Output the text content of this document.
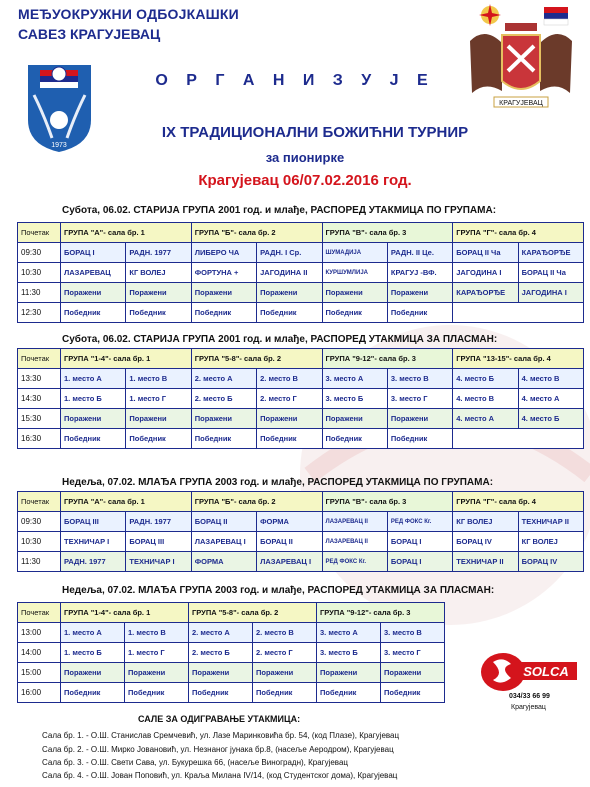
МЕЂУОКРУЖНИ ОДБОЈКАШКИ
САВЕЗ КРАГУЈЕВАЦ
1973
КРАГУЈЕВАЦ
О Р Г А Н И З У Ј Е
IX ТРАДИЦИОНАЛНИ БОЖИЋНИ ТУРНИР
за пионирке
Крагујевац 06/07.02.2016 год.
Субота, 06.02. СТАРИЈА ГРУПА 2001 год. и млађе, РАСПОРЕД УТАКМИЦА ПО ГРУПАМА:
Почетак	ГРУПА "А"- сала бр. 1		ГРУПА "Б"- сала бр. 2		ГРУПА "В"- сала бр. 3		ГРУПА "Г"- сала бр. 4	
09:30	БОРАЦ І	РАДН. 1977	ЛИБЕРО ЧА	РАДН. І Ср.	ШУМАДИЈА	РАДН. ІІ Це.	БОРАЦ ІІ Ча	КАРАЂОРЂЕ
10:30	ЛАЗАРЕВАЦ	КГ ВОЛЕЈ	ФОРТУНА +	ЈАГОДИНА ІІ	КУРШУМЛИЈА	КРАГУЈ -ВФ.	ЈАГОДИНА І	БОРАЦ ІІ Ча
11:30	Поражени	Поражени	Поражени	Поражени	Поражени	Поражени	КАРАЂОРЂЕ	ЈАГОДИНА І
12:30	Победник	Победник	Победник	Победник	Победник	Победник		
Субота, 06.02. СТАРИЈА ГРУПА 2001 год. и млађе, РАСПОРЕД УТАКМИЦА ЗА ПЛАСМАН:
Почетак	ГРУПА "1-4"- сала бр. 1		ГРУПА "5-8"- сала бр. 2		ГРУПА "9-12"- сала бр. 3		ГРУПА "13-15"- сала бр. 4	
13:30	1. место А	1. место В	2. место А	2. место В	3. место А	3. место В	4. место Б	4. место В
14:30	1. место Б	1. место Г	2. место Б	2. место Г	3. место Б	3. место Г	4. место В	4. место А
15:30	Поражени	Поражени	Поражени	Поражени	Поражени	Поражени	4. место А	4. место Б
16:30	Победник	Победник	Победник	Победник	Победник	Победник		
Недеља, 07.02. МЛАЂА ГРУПА 2003 год. и млађе, РАСПОРЕД УТАКМИЦА ПО ГРУПАМА:
Почетак	ГРУПА "А"- сала бр. 1		ГРУПА "Б"- сала бр. 2		ГРУПА "В"- сала бр. 3		ГРУПА "Г"- сала бр. 4	
09:30	БОРАЦ ІІІ	РАДН. 1977	БОРАЦ ІІ	ФОРМА	ЛАЗАРЕВАЦ ІІ	РЕД ФОКС Кг.	КГ ВОЛЕЈ	ТЕХНИЧАР ІІ
10:30	ТЕХНИЧАР І	БОРАЦ ІІІ	ЛАЗАРЕВАЦ І	БОРАЦ ІІ	ЛАЗАРЕВАЦ ІІ	БОРАЦ І	БОРАЦ IV	КГ ВОЛЕЈ
11:30	РАДН. 1977	ТЕХНИЧАР І	ФОРМА	ЛАЗАРЕВАЦ І	РЕД ФОКС Кг.	БОРАЦ І	ТЕХНИЧАР ІІ	БОРАЦ IV
Недеља, 07.02. МЛАЂА ГРУПА 2003 год. и млађе, РАСПОРЕД УТАКМИЦА ЗА ПЛАСМАН:
Почетак	ГРУПА "1-4"- сала бр. 1		ГРУПА "5-8"- сала бр. 2		ГРУПА "9-12"- сала бр. 3	
13:00	1. место А	1. место В	2. место А	2. место В	3. место А	3. место В
14:00	1. место Б	1. место Г	2. место Б	2. место Г	3. место Б	3. место Г
15:00	Поражени	Поражени	Поражени	Поражени	Поражени	Поражени
16:00	Победник	Победник	Победник	Победник	Победник	Победник
SOLCA
034/33 66 99
Крагујевац
САЛЕ ЗА ОДИГРАВАЊЕ УТАКМИЦА:
Сала бр. 1. - О.Ш. Станислав Сремчевић, ул. Лазе Маринковића бр. 54, (код Плазе), Крагујевац
Сала бр. 2. - О.Ш. Мирко Јовановић, ул. Незнаног јунака бр.8, (насеље Аеродром), Крагујевац
Сала бр. 3. - О.Ш. Свети Сава, ул. Букурешка 66, (насеље Виноградн), Крагујевац
Сала бр. 4. - О.Ш. Јован Поповић, ул. Краља Милана IV/14, (код Студентског дома), Крагујевац
